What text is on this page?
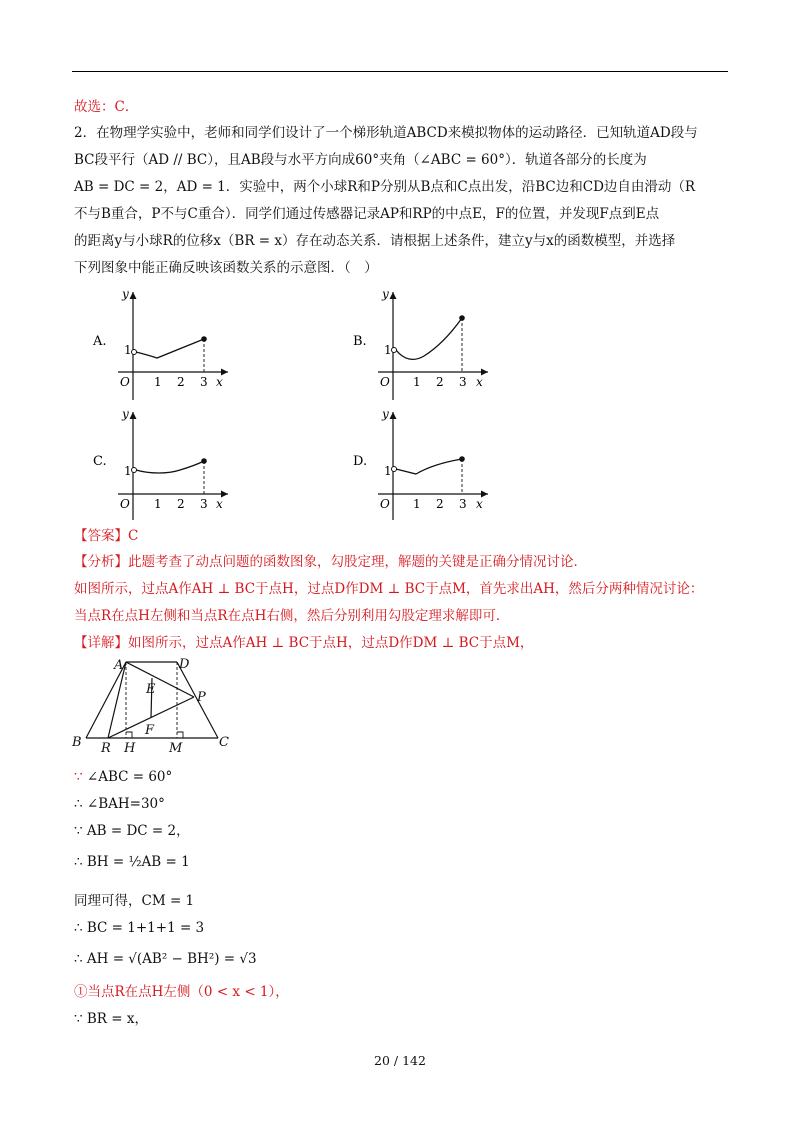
故选：C．
2．在物理学实验中，老师和同学们设计了一个梯形轨道ABCD来模拟物体的运动路径．已知轨道AD段与
BC段平行（AD // BC），且AB段与水平方向成60°夹角（∠ABC = 60°）．轨道各部分的长度为
AB = DC = 2，AD = 1．实验中，两个小球R和P分别从B点和C点出发，沿BC边和CD边自由滑动（R
不与B重合，P不与C重合）．同学们通过传感器记录AP和RP的中点E，F的位置，并发现F点到E点
的距离y与小球R的位移x（BR = x）存在动态关系．请根据上述条件，建立y与x的函数模型，并选择
下列图象中能正确反映该函数关系的示意图．（　）
A.
y
x
O
1
1 2 3
B.
y
x
O
1
1 2 3
C.
y
x
O
1
1 2 3
D.
y
x
O
1
1 2 3
【答案】C
【分析】此题考查了动点问题的函数图象，勾股定理，解题的关键是正确分情况讨论．
如图所示，过点A作AH ⊥ BC于点H，过点D作DM ⊥ BC于点M，首先求出AH，然后分两种情况讨论：
当点R在点H左侧和当点R在点H右侧，然后分别利用勾股定理求解即可．
【详解】如图所示，过点A作AH ⊥ BC于点H，过点D作DM ⊥ BC于点M，
A	D
E
P
F
B R H	M	C
∵ ∠ABC = 60°
∴ ∠BAH=30°
∵ AB = DC = 2，
∴ BH = ½AB = 1
同理可得，CM = 1
∴ BC = 1+1+1 = 3
∴ AH = √(AB² − BH²) = √3
①当点R在点H左侧（0 < x < 1），
∵ BR = x，
20 / 142
